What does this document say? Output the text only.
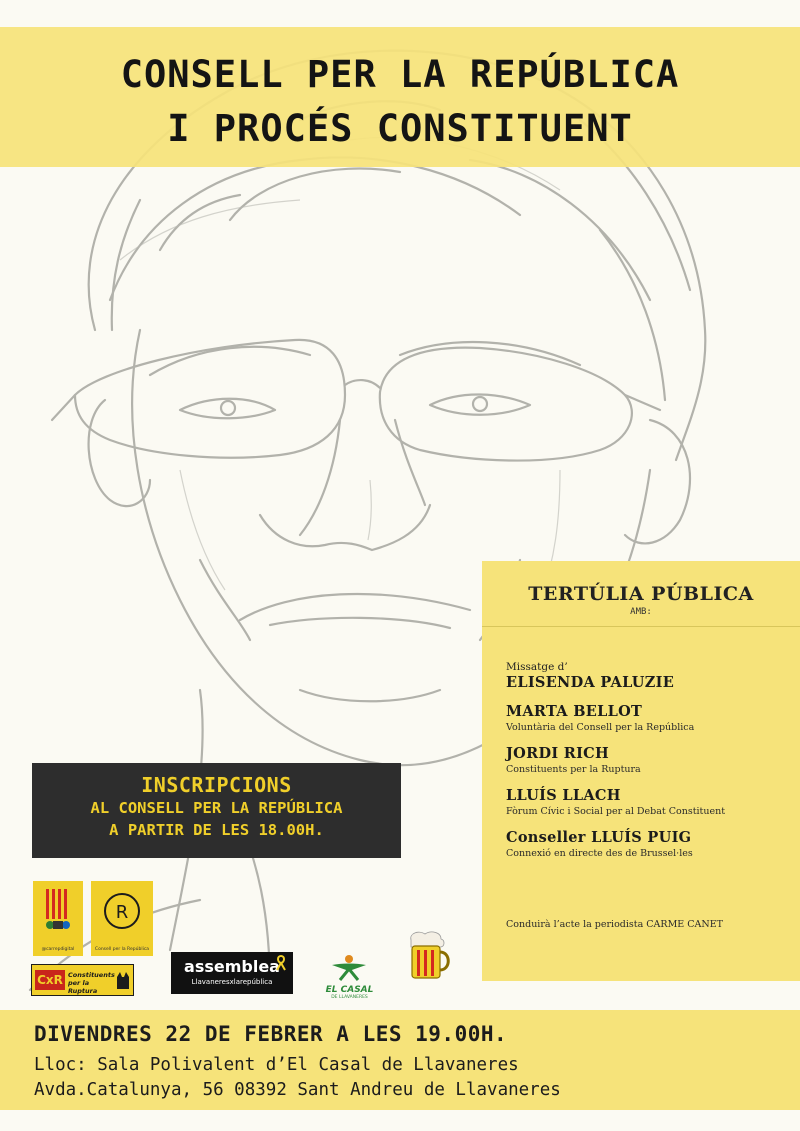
CONSELL PER LA REPÚBLICA
I PROCÉS CONSTITUENT
TERTÚLIA PÚBLICA
AMB:
Missatge d’
ELISENDA PALUZIE
MARTA BELLOT
Voluntària del Consell per la República
JORDI RICH
Constituents per la Ruptura
LLUÍS LLACH
Fòrum Cívic i Social per al Debat Constituent
Conseller LLUÍS PUIG
Connexió en directe des de Brussel·les
Conduirà l’acte la periodista CARME CANET
INSCRIPCIONS
AL CONSELL PER LA REPÚBLICA
A PARTIR DE LES 18.00H.
@carrepdigital
R
Consell per la República
CxR Constituents per la Ruptura
assemblea
Llavaneresxlarepública
EL CASAL
DE LLAVANERES
DIVENDRES 22 DE FEBRER A LES 19.00H.
Lloc: Sala Polivalent d’El Casal de Llavaneres
Avda.Catalunya, 56 08392 Sant Andreu de Llavaneres
